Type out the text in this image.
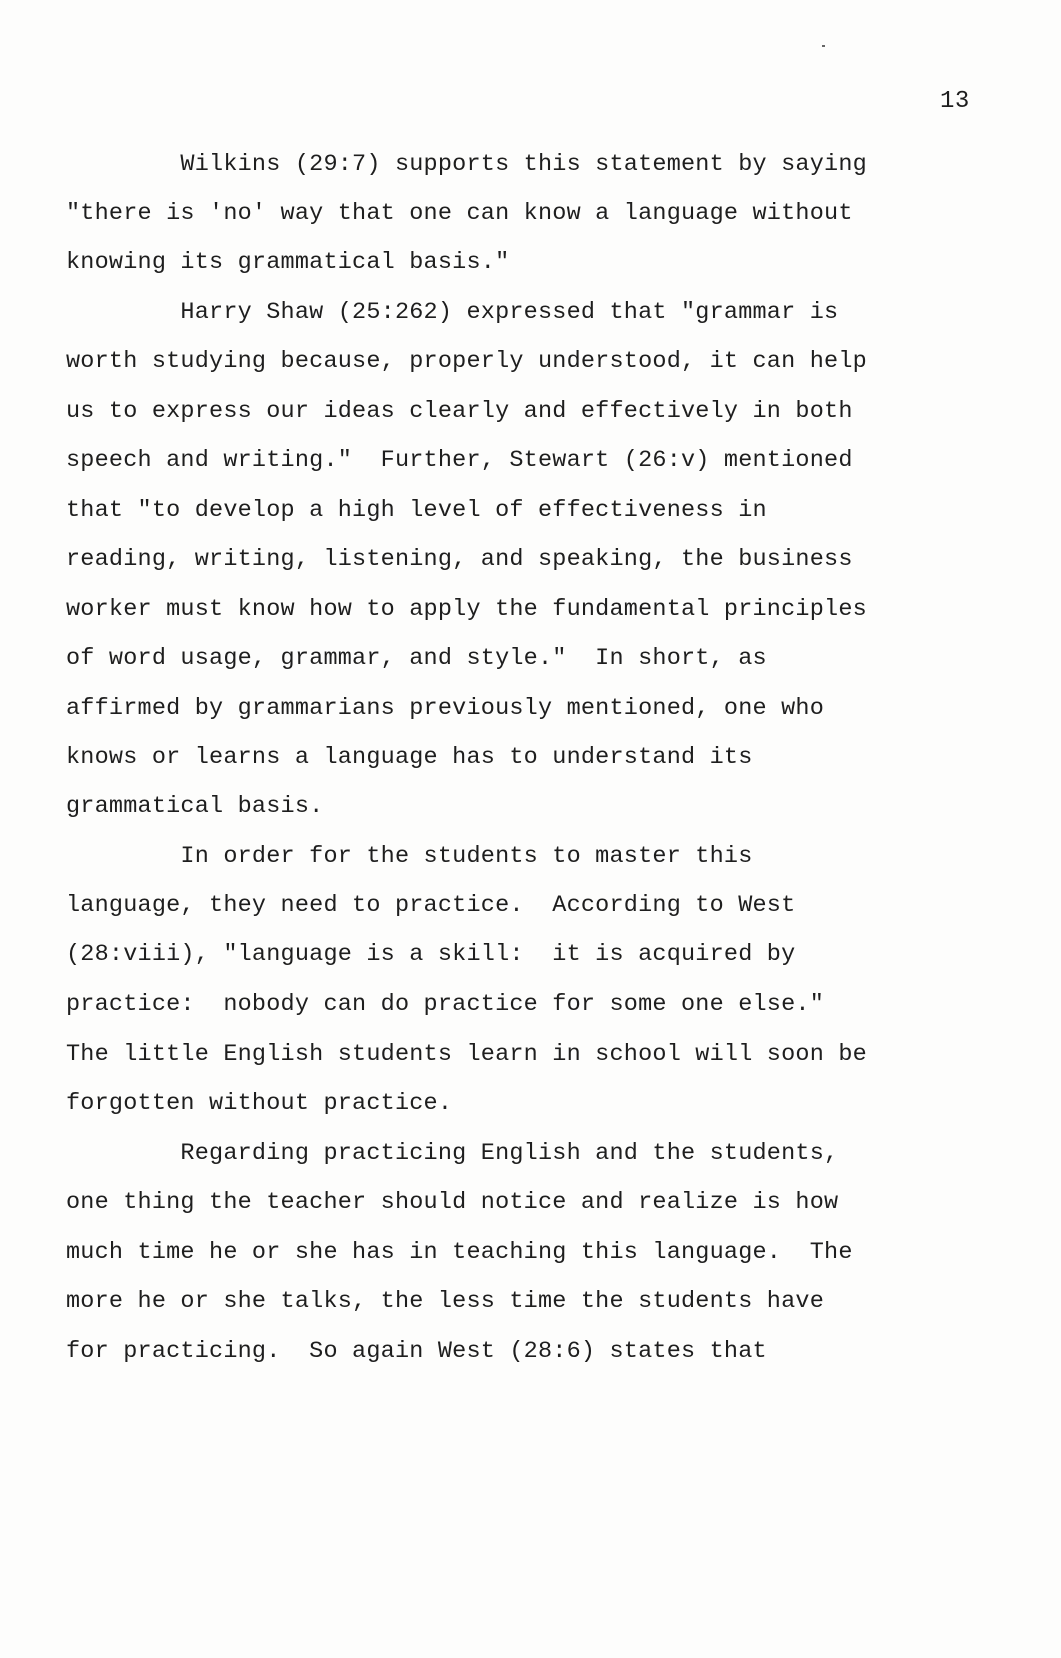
13
Wilkins (29:7) supports this statement by saying
"there is 'no' way that one can know a language without
knowing its grammatical basis."
Harry Shaw (25:262) expressed that "grammar is
worth studying because, properly understood, it can help
us to express our ideas clearly and effectively in both
speech and writing."  Further, Stewart (26:v) mentioned
that "to develop a high level of effectiveness in
reading, writing, listening, and speaking, the business
worker must know how to apply the fundamental principles
of word usage, grammar, and style."  In short, as
affirmed by grammarians previously mentioned, one who
knows or learns a language has to understand its
grammatical basis.
In order for the students to master this
language, they need to practice.  According to West
(28:viii), "language is a skill:  it is acquired by
practice:  nobody can do practice for some one else."
The little English students learn in school will soon be
forgotten without practice.
Regarding practicing English and the students,
one thing the teacher should notice and realize is how
much time he or she has in teaching this language.  The
more he or she talks, the less time the students have
for practicing.  So again West (28:6) states that
